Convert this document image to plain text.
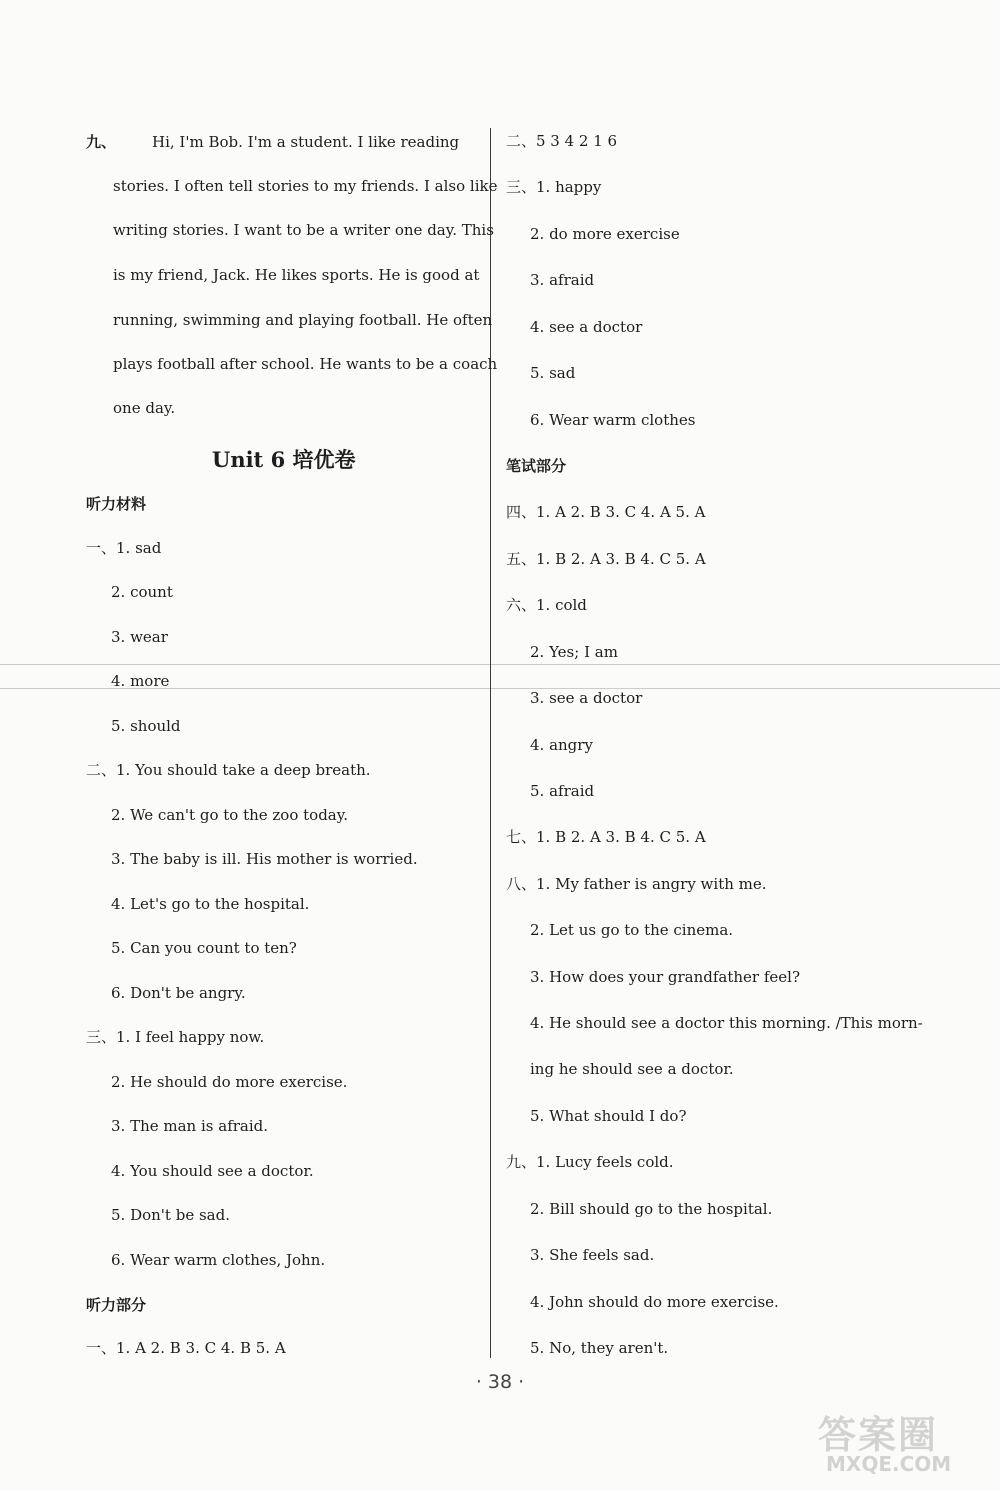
九、 Hi, I'm Bob. I'm a student. I like reading
stories. I often tell stories to my friends. I also like
writing stories. I want to be a writer one day. This
is my friend, Jack. He likes sports. He is good at
running, swimming and playing football. He often
plays football after school. He wants to be a coach
one day.
Unit 6 培优卷
听力材料
一、1. sad
2. count
3. wear
4. more
5. should
二、1. You should take a deep breath.
2. We can't go to the zoo today.
3. The baby is ill. His mother is worried.
4. Let's go to the hospital.
5. Can you count to ten?
6. Don't be angry.
三、1. I feel happy now.
2. He should do more exercise.
3. The man is afraid.
4. You should see a doctor.
5. Don't be sad.
6. Wear warm clothes, John.
听力部分
一、1. A 2. B 3. C 4. B 5. A
二、5 3 4 2 1 6
三、1. happy
2. do more exercise
3. afraid
4. see a doctor
5. sad
6. Wear warm clothes
笔试部分
四、1. A 2. B 3. C 4. A 5. A
五、1. B 2. A 3. B 4. C 5. A
六、1. cold
2. Yes; I am
3. see a doctor
4. angry
5. afraid
七、1. B 2. A 3. B 4. C 5. A
八、1. My father is angry with me.
2. Let us go to the cinema.
3. How does your grandfather feel?
4. He should see a doctor this morning. /This morn-
ing he should see a doctor.
5. What should I do?
九、1. Lucy feels cold.
2. Bill should go to the hospital.
3. She feels sad.
4. John should do more exercise.
5. No, they aren't.
· 38 ·
答案圈
MXQE.COM
